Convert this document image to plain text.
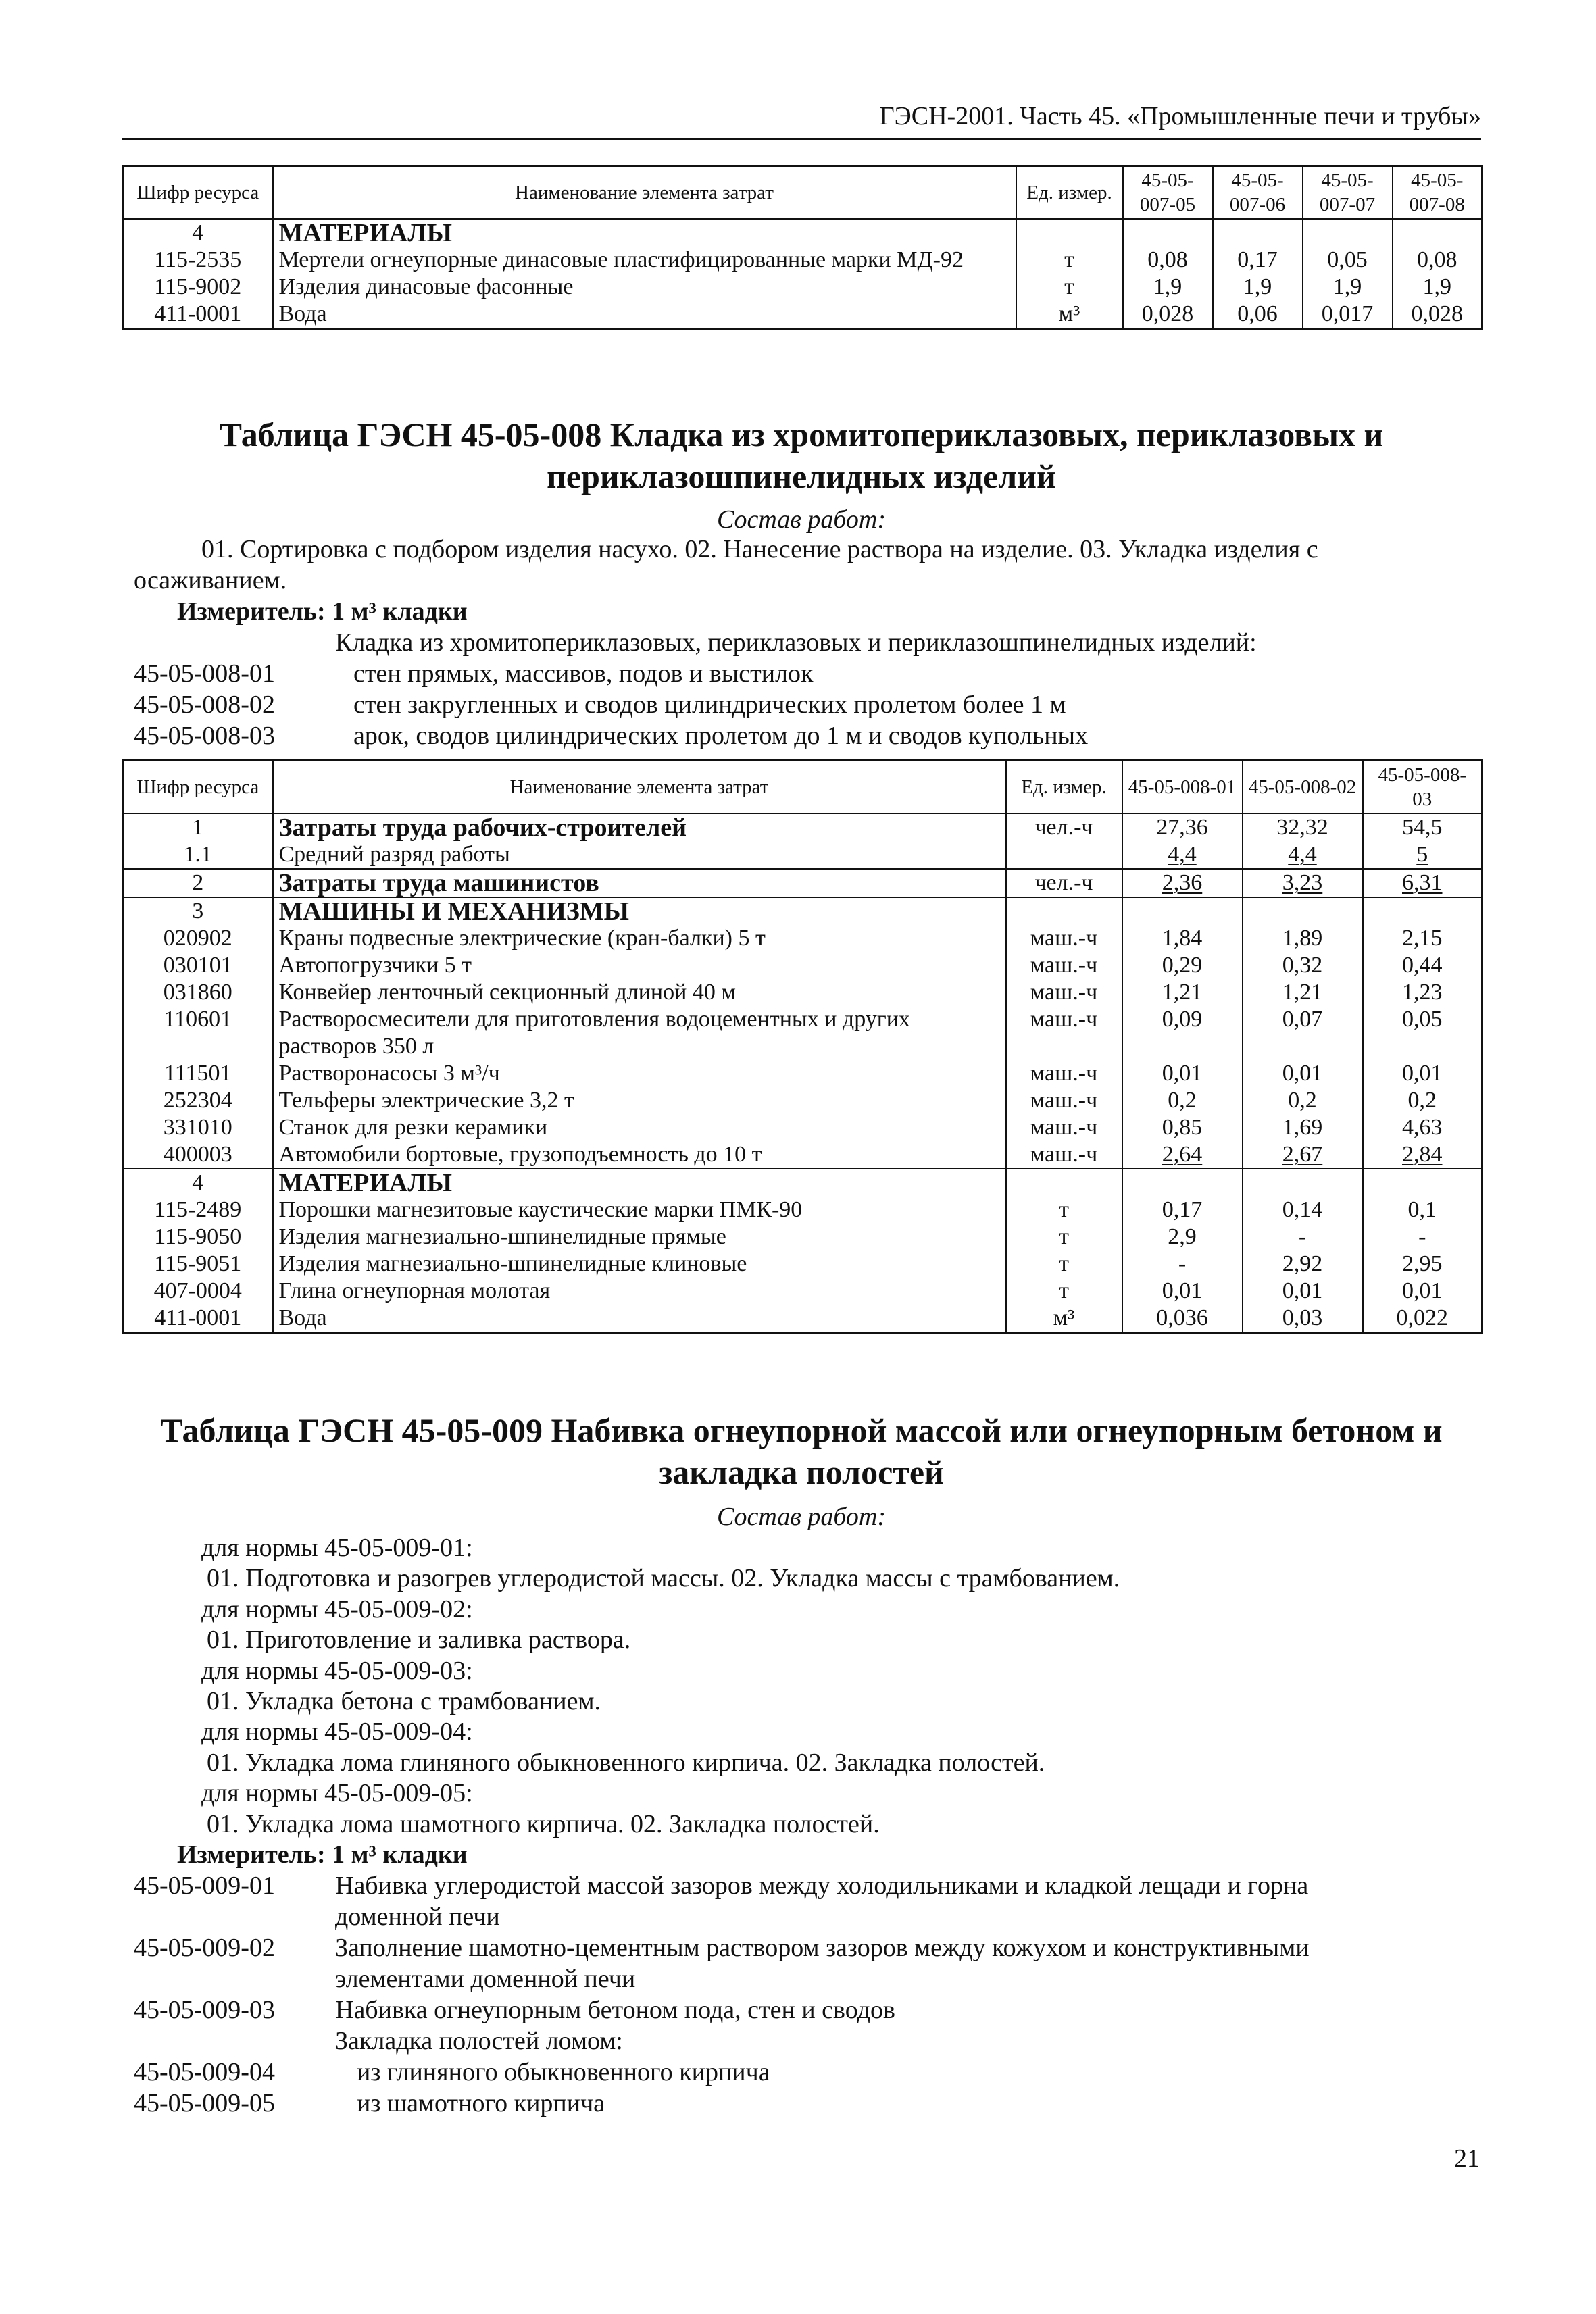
ГЭСН-2001. Часть 45. «Промышленные печи и трубы»
Шифр ресурса	Наименование элемента затрат	Ед. измер.	45-05-007-05	45-05-007-06	45-05-007-07	45-05-007-08
4	МАТЕРИАЛЫ					
115-2535	Мертели огнеупорные динасовые пластифицированные марки МД-92	т	0,08	0,17	0,05	0,08
115-9002	Изделия динасовые фасонные	т	1,9	1,9	1,9	1,9
411-0001	Вода	м³	0,028	0,06	0,017	0,028
Таблица ГЭСН 45-05-008 Кладка из хромитопериклазовых, периклазовых и
периклазошпинелидных изделий
Состав работ:
01. Сортировка с подбором изделия насухо. 02. Нанесение раствора на изделие. 03. Укладка изделия с
осаживанием.
Измеритель: 1 м³ кладки
Кладка из хромитопериклазовых, периклазовых и периклазошпинелидных изделий:
45-05-008-01	стен прямых, массивов, подов и выстилок
45-05-008-02	стен закругленных и сводов цилиндрических пролетом более 1 м
45-05-008-03	арок, сводов цилиндрических пролетом до 1 м и сводов купольных
Шифр ресурса	Наименование элемента затрат	Ед. измер.	45-05-008-01	45-05-008-02	45-05-008-03
1	Затраты труда рабочих-строителей	чел.-ч	27,36	32,32	54,5
1.1	Средний разряд работы		4,4	4,4	5
2	Затраты труда машинистов	чел.-ч	2,36	3,23	6,31
3	МАШИНЫ И МЕХАНИЗМЫ				
020902	Краны подвесные электрические (кран-балки) 5 т	маш.-ч	1,84	1,89	2,15
030101	Автопогрузчики 5 т	маш.-ч	0,29	0,32	0,44
031860	Конвейер ленточный секционный длиной 40 м	маш.-ч	1,21	1,21	1,23
110601	Растворосмесители для приготовления водоцементных и других растворов 350 л	маш.-ч	0,09	0,07	0,05
111501	Растворонасосы 3 м³/ч	маш.-ч	0,01	0,01	0,01
252304	Тельферы электрические 3,2 т	маш.-ч	0,2	0,2	0,2
331010	Станок для резки керамики	маш.-ч	0,85	1,69	4,63
400003	Автомобили бортовые, грузоподъемность до 10 т	маш.-ч	2,64	2,67	2,84
4	МАТЕРИАЛЫ				
115-2489	Порошки магнезитовые каустические марки ПМК-90	т	0,17	0,14	0,1
115-9050	Изделия магнезиально-шпинелидные прямые	т	2,9	-	-
115-9051	Изделия магнезиально-шпинелидные клиновые	т	-	2,92	2,95
407-0004	Глина огнеупорная молотая	т	0,01	0,01	0,01
411-0001	Вода	м³	0,036	0,03	0,022
Таблица ГЭСН 45-05-009 Набивка огнеупорной массой или огнеупорным бетоном и
закладка полостей
Состав работ:
для нормы 45-05-009-01:
01. Подготовка и разогрев углеродистой массы. 02. Укладка массы с трамбованием.
для нормы 45-05-009-02:
01. Приготовление и заливка раствора.
для нормы 45-05-009-03:
01. Укладка бетона с трамбованием.
для нормы 45-05-009-04:
01. Укладка лома глиняного обыкновенного кирпича. 02. Закладка полостей.
для нормы 45-05-009-05:
01. Укладка лома шамотного кирпича. 02. Закладка полостей.
Измеритель: 1 м³ кладки
45-05-009-01 Набивка углеродистой массой зазоров между холодильниками и кладкой лещади и горна
доменной печи
45-05-009-02 Заполнение шамотно-цементным раствором зазоров между кожухом и конструктивными
элементами доменной печи
45-05-009-03 Набивка огнеупорным бетоном пода, стен и сводов
Закладка полостей ломом:
45-05-009-04	из глиняного обыкновенного кирпича
45-05-009-05	из шамотного кирпича
21
